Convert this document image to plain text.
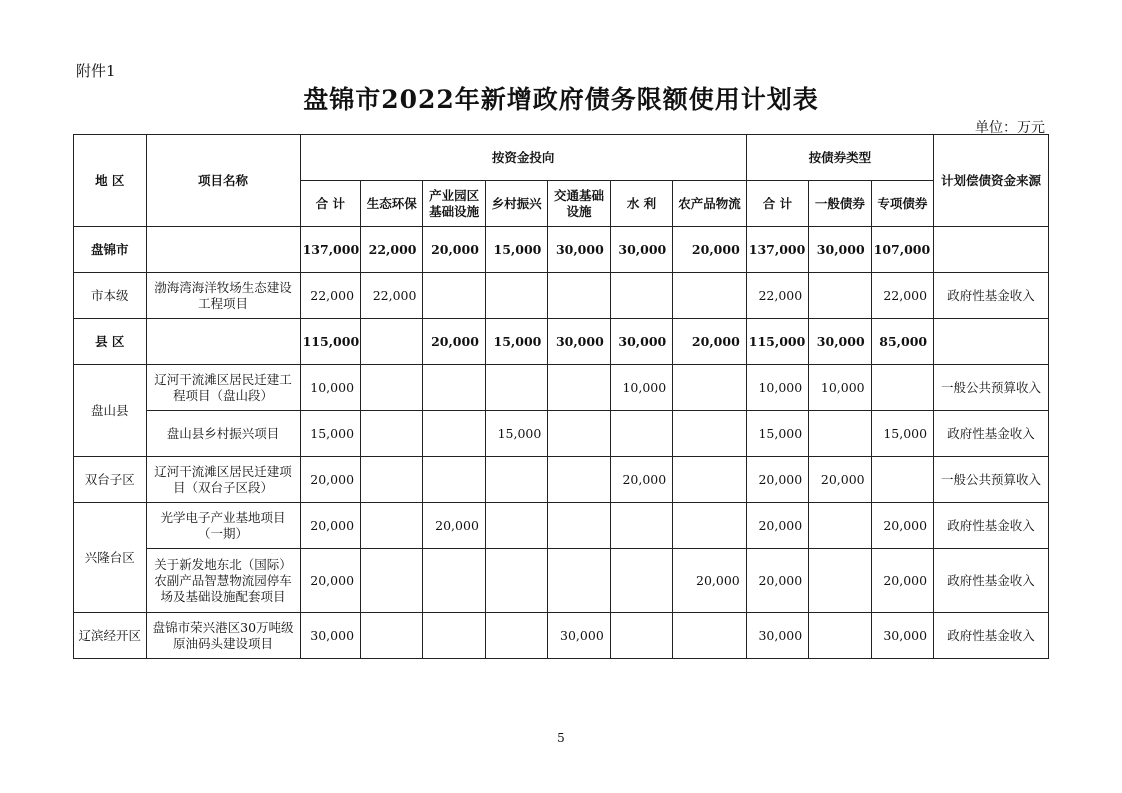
附件1
盘锦市2022年新增政府债务限额使用计划表
单位：万元
地 区	项目名称	按资金投向							按债券类型			计划偿债资金来源
		合 计	生态环保	产业园区基础设施	乡村振兴	交通基础设施	水 利	农产品物流	合 计	一般债券	专项债券	
盘锦市		137,000	22,000	20,000	15,000	30,000	30,000	20,000	137,000	30,000	107,000	
市本级	渤海湾海洋牧场生态建设工程项目	22,000	22,000						22,000		22,000	政府性基金收入
县 区		115,000		20,000	15,000	30,000	30,000	20,000	115,000	30,000	85,000	
盘山县	辽河干流滩区居民迁建工程项目（盘山段）	10,000					10,000		10,000	10,000		一般公共预算收入
	盘山县乡村振兴项目	15,000			15,000				15,000		15,000	政府性基金收入
双台子区	辽河干流滩区居民迁建项目（双台子区段）	20,000					20,000		20,000	20,000		一般公共预算收入
兴隆台区	光学电子产业基地项目（一期）	20,000		20,000					20,000		20,000	政府性基金收入
	关于新发地东北（国际）农副产品智慧物流园停车场及基础设施配套项目	20,000						20,000	20,000		20,000	政府性基金收入
辽滨经开区	盘锦市荣兴港区30万吨级原油码头建设项目	30,000				30,000			30,000		30,000	政府性基金收入
5
